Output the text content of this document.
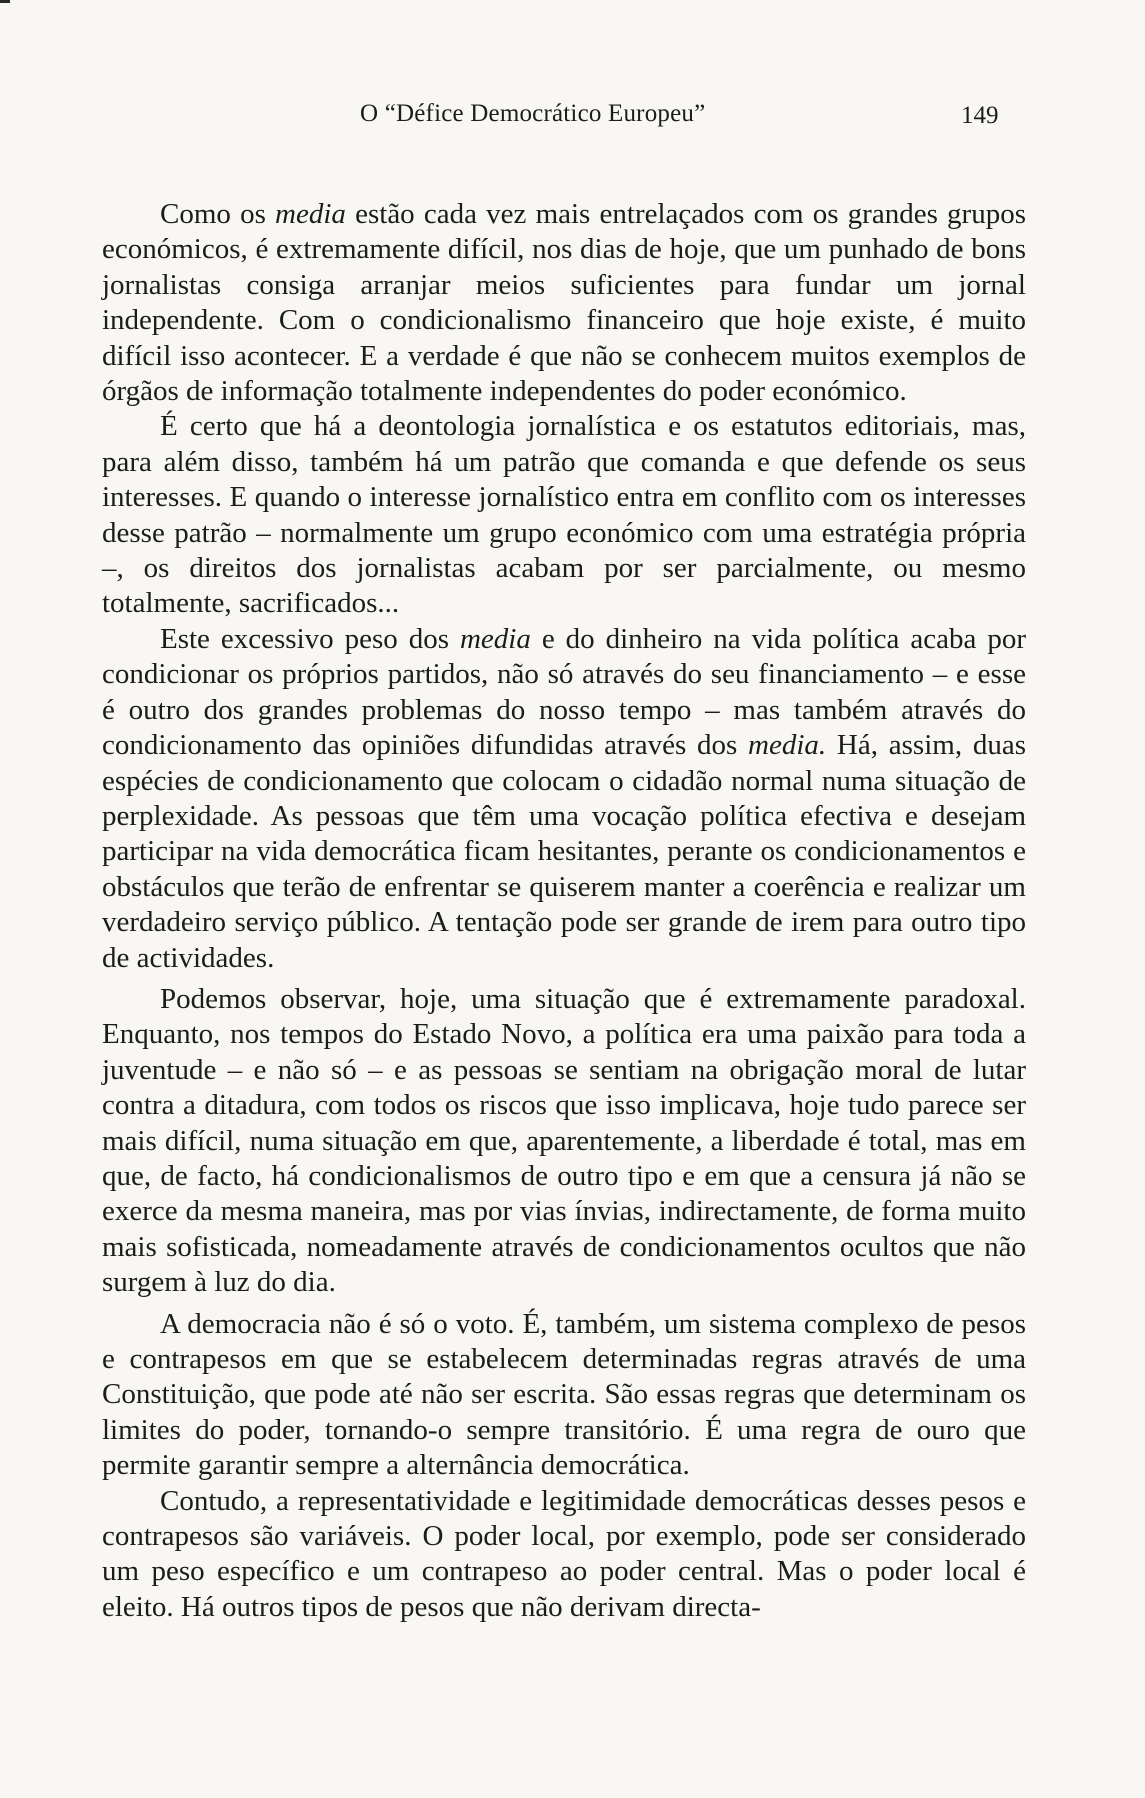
O “Défice Democrático Europeu”	149

Como os media estão cada vez mais entrelaçados com os grandes grupos económicos, é extremamente difícil, nos dias de hoje, que um punhado de bons jornalistas consiga arranjar meios suficientes para fundar um jornal independente. Com o condicionalismo financeiro que hoje existe, é muito difícil isso acontecer. E a verdade é que não se conhecem muitos exemplos de órgãos de informação totalmente independentes do poder económico.

É certo que há a deontologia jornalística e os estatutos editoriais, mas, para além disso, também há um patrão que comanda e que defende os seus interesses. E quando o interesse jornalístico entra em conflito com os interesses desse patrão – normalmente um grupo económico com uma estratégia própria –, os direitos dos jornalistas acabam por ser parcialmente, ou mesmo totalmente, sacrificados...

Este excessivo peso dos media e do dinheiro na vida política acaba por condicionar os próprios partidos, não só através do seu financiamento – e esse é outro dos grandes problemas do nosso tempo – mas também através do condicionamento das opiniões difundidas através dos media. Há, assim, duas espécies de condicionamento que colocam o cidadão normal numa situação de perplexidade. As pessoas que têm uma vocação política efectiva e desejam participar na vida democrática ficam hesitantes, perante os condicionamentos e obstáculos que terão de enfrentar se quiserem manter a coerência e realizar um verdadeiro serviço público. A tentação pode ser grande de irem para outro tipo de actividades.

Podemos observar, hoje, uma situação que é extremamente paradoxal. Enquanto, nos tempos do Estado Novo, a política era uma paixão para toda a juventude – e não só – e as pessoas se sentiam na obrigação moral de lutar contra a ditadura, com todos os riscos que isso implicava, hoje tudo parece ser mais difícil, numa situação em que, aparentemente, a liberdade é total, mas em que, de facto, há condicionalismos de outro tipo e em que a censura já não se exerce da mesma maneira, mas por vias ínvias, indirectamente, de forma muito mais sofisticada, nomeadamente através de condicionamentos ocultos que não surgem à luz do dia.

A democracia não é só o voto. É, também, um sistema complexo de pesos e contrapesos em que se estabelecem determinadas regras através de uma Constituição, que pode até não ser escrita. São essas regras que determinam os limites do poder, tornando-o sempre transitório. É uma regra de ouro que permite garantir sempre a alternância democrática.

Contudo, a representatividade e legitimidade democráticas desses pesos e contrapesos são variáveis. O poder local, por exemplo, pode ser considerado um peso específico e um contrapeso ao poder central. Mas o poder local é eleito. Há outros tipos de pesos que não derivam directa-
